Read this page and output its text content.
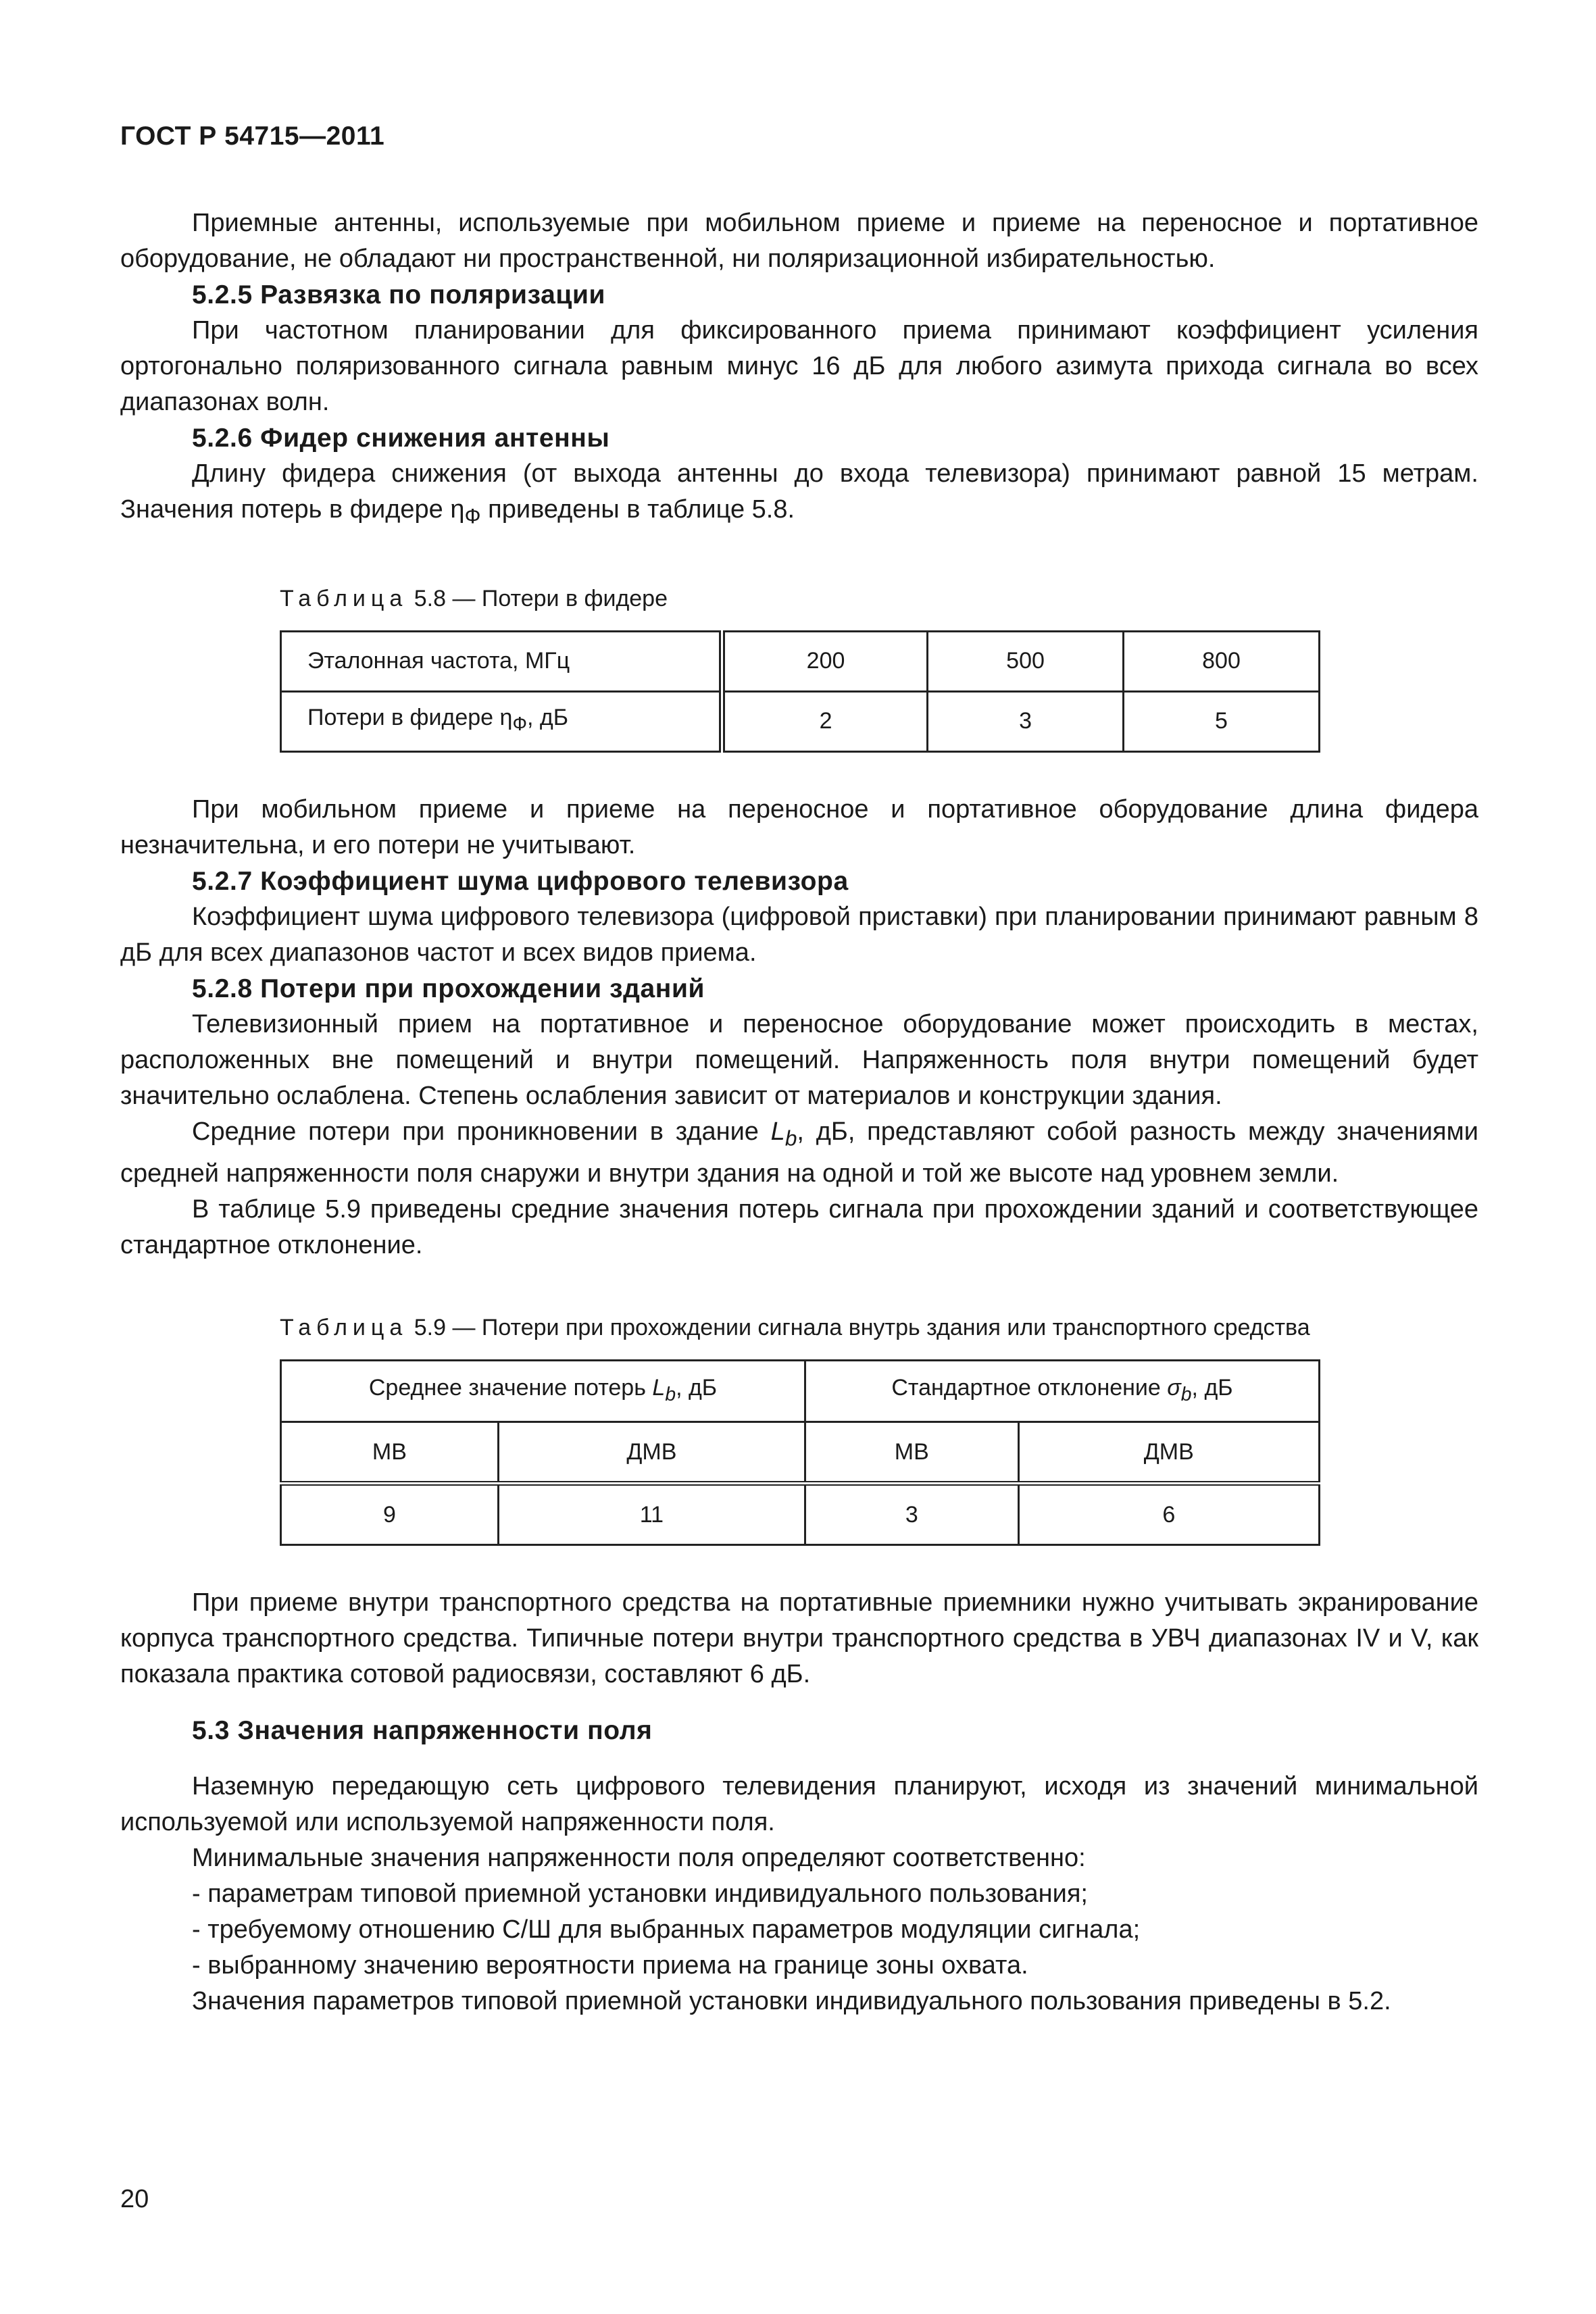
ГОСТ Р 54715—2011

Приемные антенны, используемые при мобильном приеме и приеме на переносное и портативное оборудование, не обладают ни пространственной, ни поляризационной избирательностью.

5.2.5 Развязка по поляризации

При частотном планировании для фиксированного приема принимают коэффициент усиления ортогонально поляризованного сигнала равным минус 16 дБ для любого азимута прихода сигнала во всех диапазонах волн.

5.2.6 Фидер снижения антенны

Длину фидера снижения (от выхода антенны до входа телевизора) принимают равной 15 метрам. Значения потерь в фидере $\eta_Ф$ приведены в таблице 5.8.

Таблица 5.8 — Потери в фидере
Эталонная частота, МГц	200	500	800
Потери в фидере $\eta_Ф$, дБ	2	3	5

При мобильном приеме и приеме на переносное и портативное оборудование длина фидера незначительна, и его потери не учитывают.

5.2.7 Коэффициент шума цифрового телевизора

Коэффициент шума цифрового телевизора (цифровой приставки) при планировании принимают равным 8 дБ для всех диапазонов частот и всех видов приема.

5.2.8 Потери при прохождении зданий

Телевизионный прием на портативное и переносное оборудование может происходить в местах, расположенных вне помещений и внутри помещений. Напряженность поля внутри помещений будет значительно ослаблена. Степень ослабления зависит от материалов и конструкции здания.

Средние потери при проникновении в здание $L_b$, дБ, представляют собой разность между значениями средней напряженности поля снаружи и внутри здания на одной и той же высоте над уровнем земли.

В таблице 5.9 приведены средние значения потерь сигнала при прохождении зданий и соответствующее стандартное отклонение.

Таблица 5.9 — Потери при прохождении сигнала внутрь здания или транспортного средства
Среднее значение потерь $L_b$, дБ		Стандартное отклонение $\sigma_b$, дБ	
МВ	ДМВ	МВ	ДМВ
9	11	3	6

При приеме внутри транспортного средства на портативные приемники нужно учитывать экранирование корпуса транспортного средства. Типичные потери внутри транспортного средства в УВЧ диапазонах IV и V, как показала практика сотовой радиосвязи, составляют 6 дБ.

5.3 Значения напряженности поля

Наземную передающую сеть цифрового телевидения планируют, исходя из значений минимальной используемой или используемой напряженности поля.

Минимальные значения напряженности поля определяют соответственно:

- параметрам типовой приемной установки индивидуального пользования;

- требуемому отношению С/Ш для выбранных параметров модуляции сигнала;

- выбранному значению вероятности приема на границе зоны охвата.

Значения параметров типовой приемной установки индивидуального пользования приведены в 5.2.

20
